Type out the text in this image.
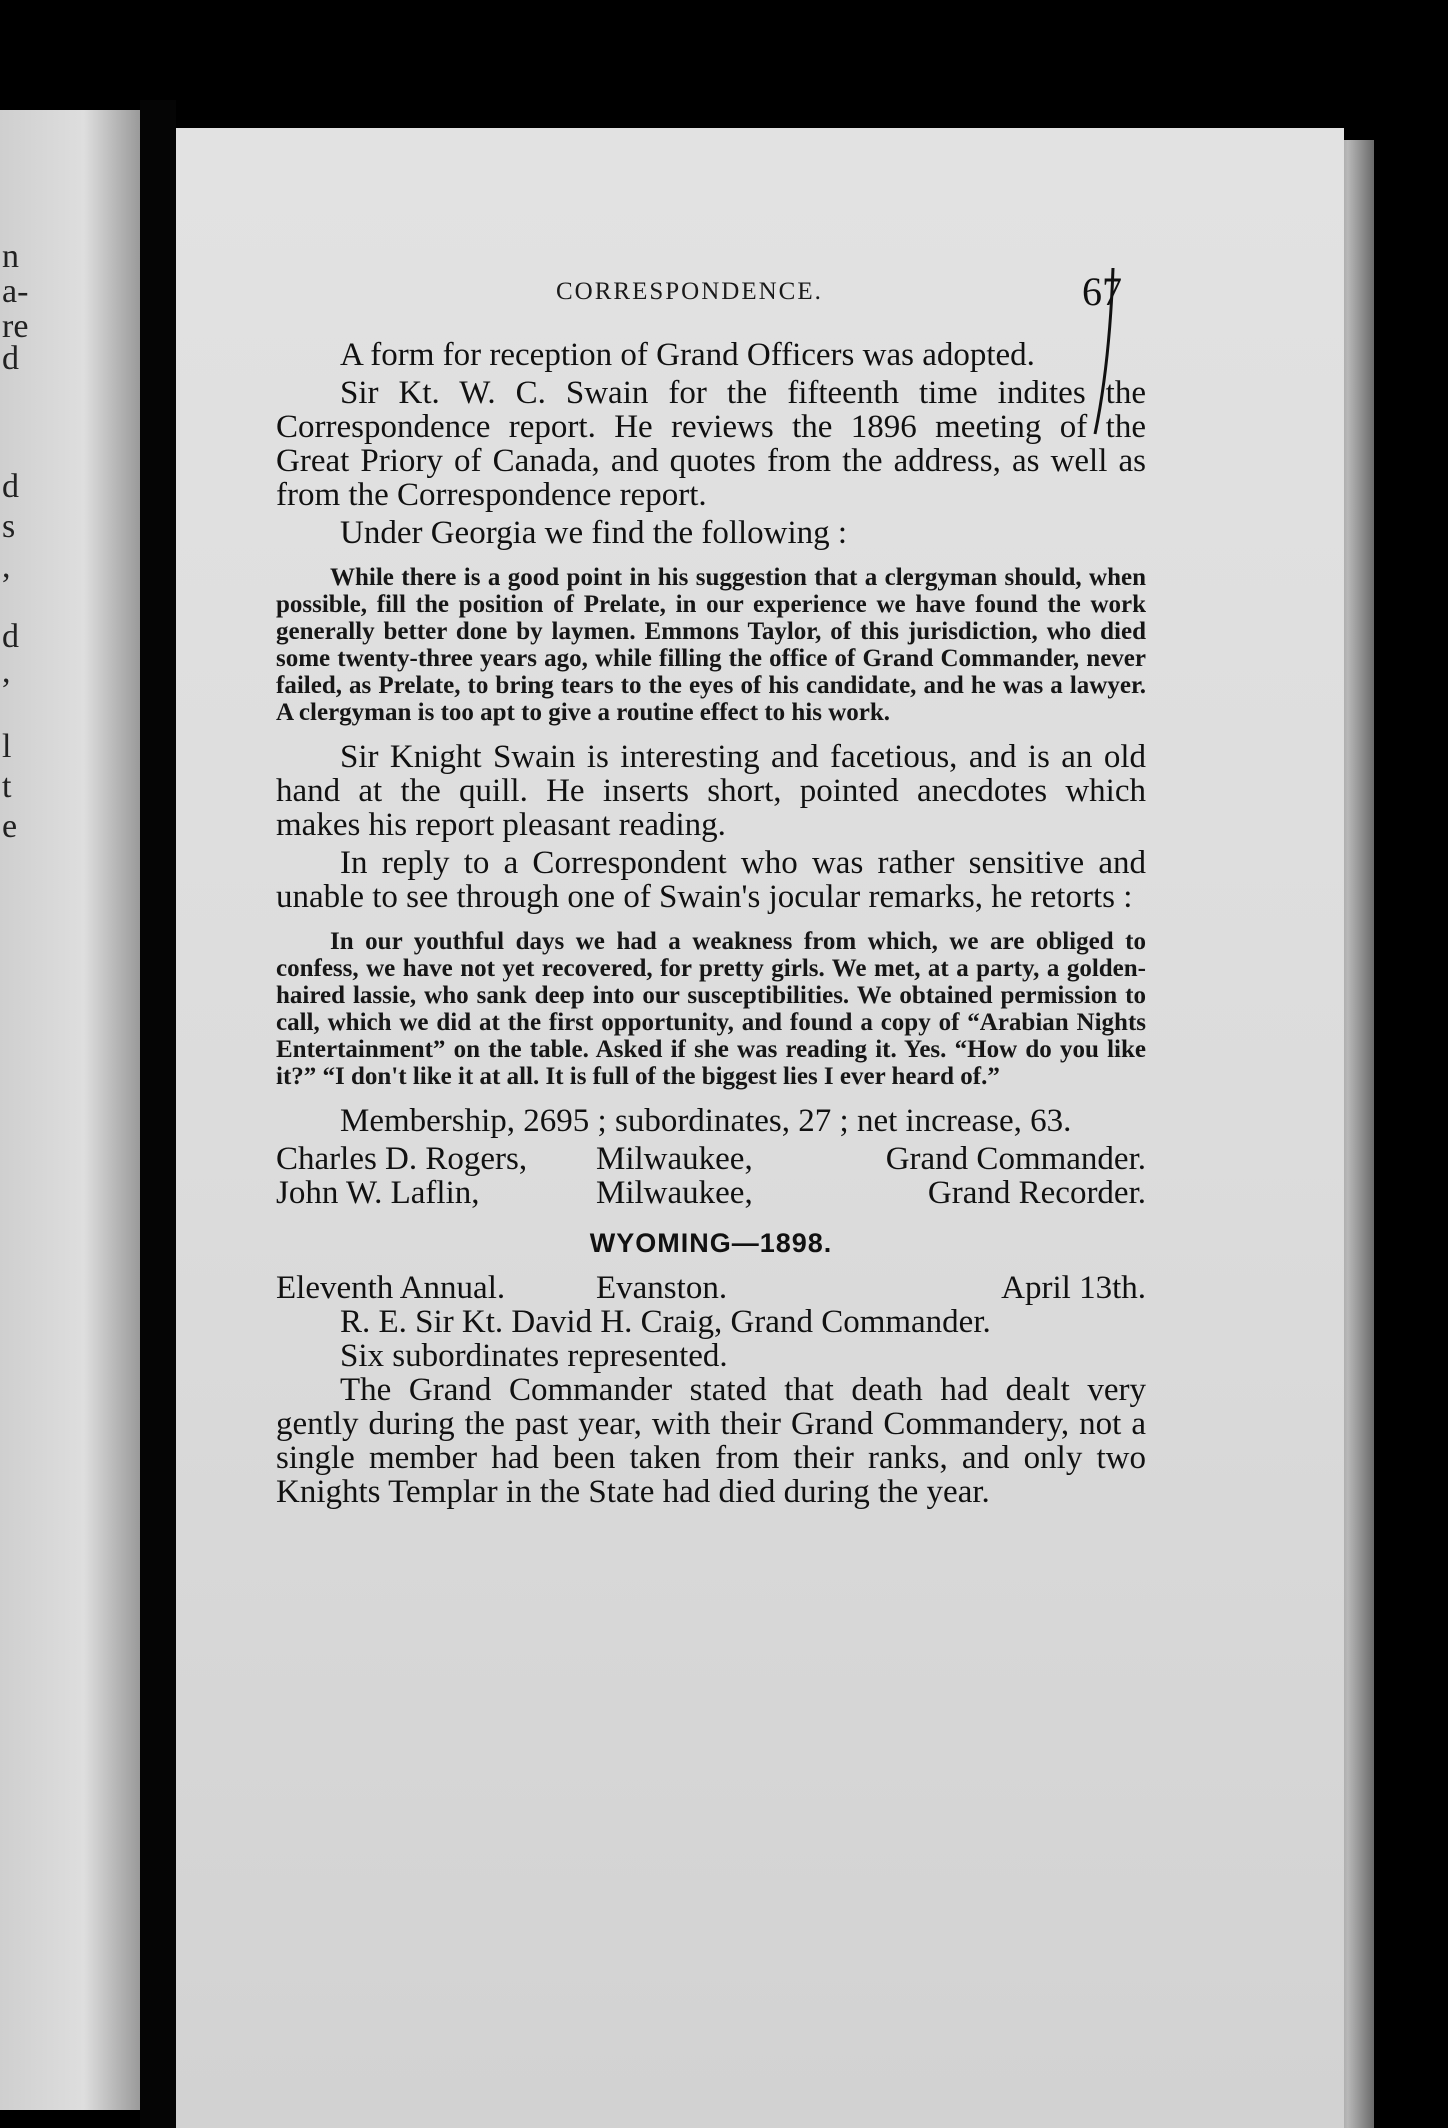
n
a-
re
d
d
s
,
d
,
l
t
e
CORRESPONDENCE.	67

A form for reception of Grand Officers was adopted.

Sir Kt. W. C. Swain for the fifteenth time indites the Correspondence report. He reviews the 1896 meeting of the Great Priory of Canada, and quotes from the address, as well as from the Correspondence report.

Under Georgia we find the following :

While there is a good point in his suggestion that a clergyman should, when possible, fill the position of Prelate, in our experience we have found the work generally better done by laymen. Emmons Taylor, of this jurisdiction, who died some twenty-three years ago, while filling the office of Grand Commander, never failed, as Prelate, to bring tears to the eyes of his candidate, and he was a lawyer. A clergyman is too apt to give a routine effect to his work.

Sir Knight Swain is interesting and facetious, and is an old hand at the quill. He inserts short, pointed anecdotes which makes his report pleasant reading.

In reply to a Correspondent who was rather sensitive and unable to see through one of Swain's jocular remarks, he retorts :

In our youthful days we had a weakness from which, we are obliged to confess, we have not yet recovered, for pretty girls. We met, at a party, a golden-haired lassie, who sank deep into our susceptibilities. We obtained permission to call, which we did at the first opportunity, and found a copy of “Arabian Nights Entertainment” on the table. Asked if she was reading it. Yes. “How do you like it?” “I don't like it at all. It is full of the biggest lies I ever heard of.”

Membership, 2695 ; subordinates, 27 ; net increase, 63.

Charles D. Rogers,	Milwaukee,	Grand Commander.
John W. Laflin,	Milwaukee,	Grand Recorder.
WYOMING—1898.
Eleventh Annual.	Evanston.	April 13th.
R. E. Sir Kt. David H. Craig, Grand Commander.
Six subordinates represented.

The Grand Commander stated that death had dealt very gently during the past year, with their Grand Commandery, not a single member had been taken from their ranks, and only two Knights Templar in the State had died during the year.
